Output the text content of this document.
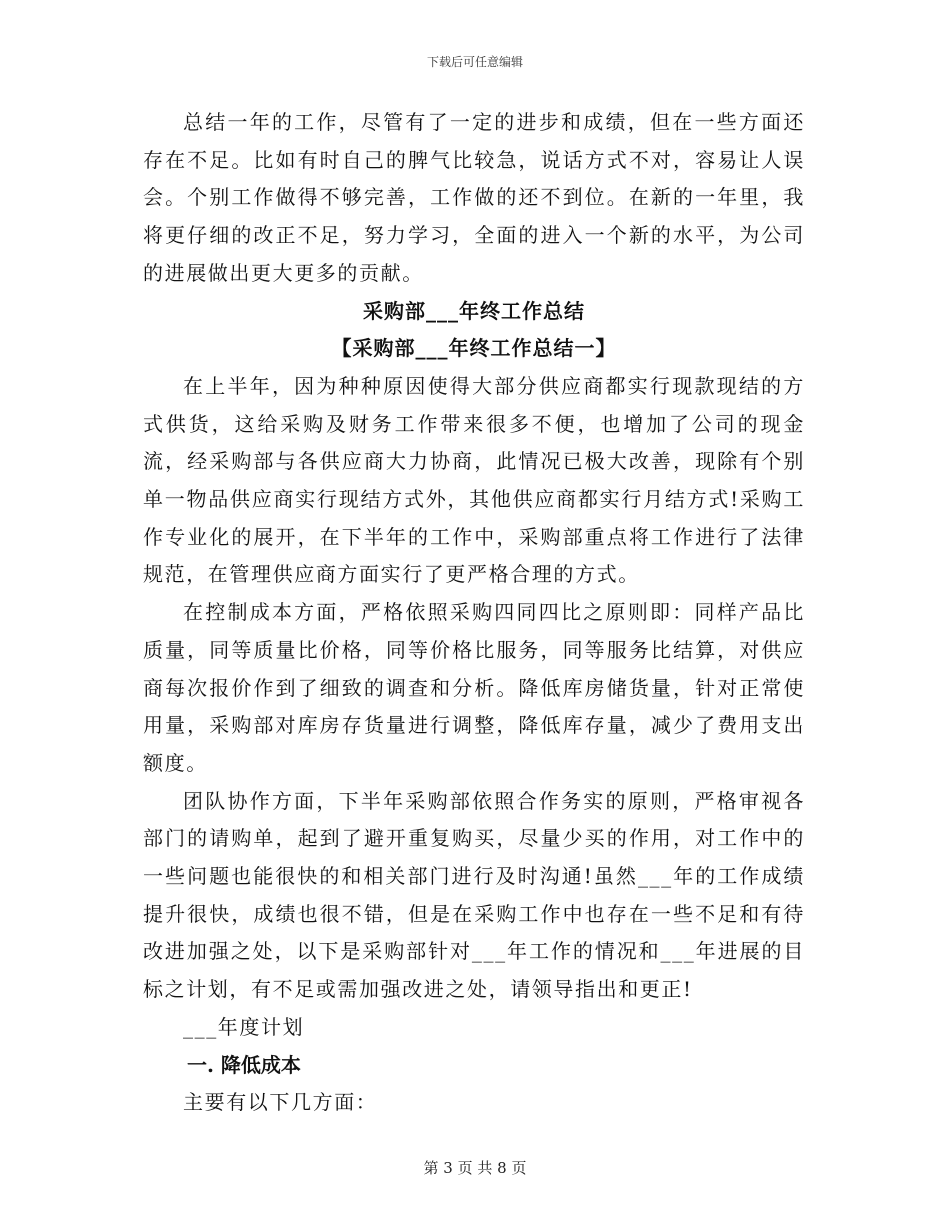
下载后可任意编辑

总结一年的工作，尽管有了一定的进步和成绩，但在一些方面还存在不足。比如有时自己的脾气比较急，说话方式不对，容易让人误会。个别工作做得不够完善，工作做的还不到位。在新的一年里，我将更仔细的改正不足，努力学习，全面的进入一个新的水平，为公司的进展做出更大更多的贡献。

采购部___年终工作总结

【采购部___年终工作总结一】

在上半年，因为种种原因使得大部分供应商都实行现款现结的方式供货，这给采购及财务工作带来很多不便，也增加了公司的现金流，经采购部与各供应商大力协商，此情况已极大改善，现除有个别单一物品供应商实行现结方式外，其他供应商都实行月结方式!采购工作专业化的展开，在下半年的工作中，采购部重点将工作进行了法律规范，在管理供应商方面实行了更严格合理的方式。

在控制成本方面，严格依照采购四同四比之原则即：同样产品比质量，同等质量比价格，同等价格比服务，同等服务比结算，对供应商每次报价作到了细致的调查和分析。降低库房储货量，针对正常使用量，采购部对库房存货量进行调整，降低库存量，减少了费用支出额度。

团队协作方面，下半年采购部依照合作务实的原则，严格审视各部门的请购单，起到了避开重复购买，尽量少买的作用，对工作中的一些问题也能很快的和相关部门进行及时沟通!虽然___年的工作成绩提升很快，成绩也很不错，但是在采购工作中也存在一些不足和有待改进加强之处，以下是采购部针对___年工作的情况和___年进展的目标之计划，有不足或需加强改进之处，请领导指出和更正!

___年度计划

一. 降低成本

主要有以下几方面：

第 3 页 共 8 页
